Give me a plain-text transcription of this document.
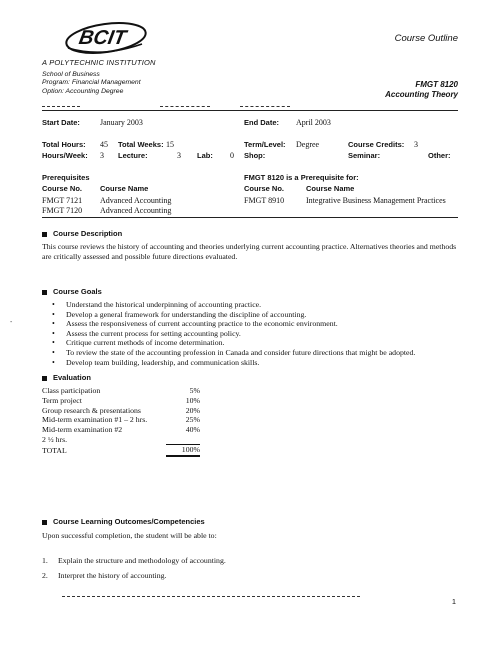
BCIT
A POLYTECHNIC INSTITUTION
Course Outline
School of Business
Program: Financial Management
Option: Accounting Degree
FMGT 8120
Accounting Theory
Start Date:	January 2003	End Date: April 2003
Total Hours: 45 Total Weeks: 15	Term/Level: Degree	Course Credits: 3
Hours/Week: 3 Lecture:	3 Lab: 0 Shop:	Seminar:	Other:
Prerequisites	FMGT 8120 is a Prerequisite for:
Course No. Course Name	Course No.	Course Name
FMGT 7121 Advanced Accounting
FMGT 7120 Advanced Accounting
FMGT 8910	Integrative Business Management Practices
Course Description
This course reviews the history of accounting and theories underlying current accounting practice. Alternatives theories and methods are critically assessed and possible future directions evaluated.
Course Goals
‑
• Understand the historical underpinning of accounting practice.
• Develop a general framework for understanding the discipline of accounting.
• Assess the responsiveness of current accounting practice to the economic environment.
• Assess the current process for setting accounting policy.
• Critique current methods of income determination.
• To review the state of the accounting profession in Canada and consider future directions that might be adopted.
• Develop team building, leadership, and communication skills.
Evaluation
Class participation	5%
Term project	10%
Group research & presentations	20%
Mid-term examination #1 – 2 hrs.	25%
Mid-term examination #2	40%
2 ½ hrs.	
TOTAL	100%
Course Learning Outcomes/Competencies
Upon successful completion, the student will be able to:
1. Explain the structure and methodology of accounting.
2. Interpret the history of accounting.
1
